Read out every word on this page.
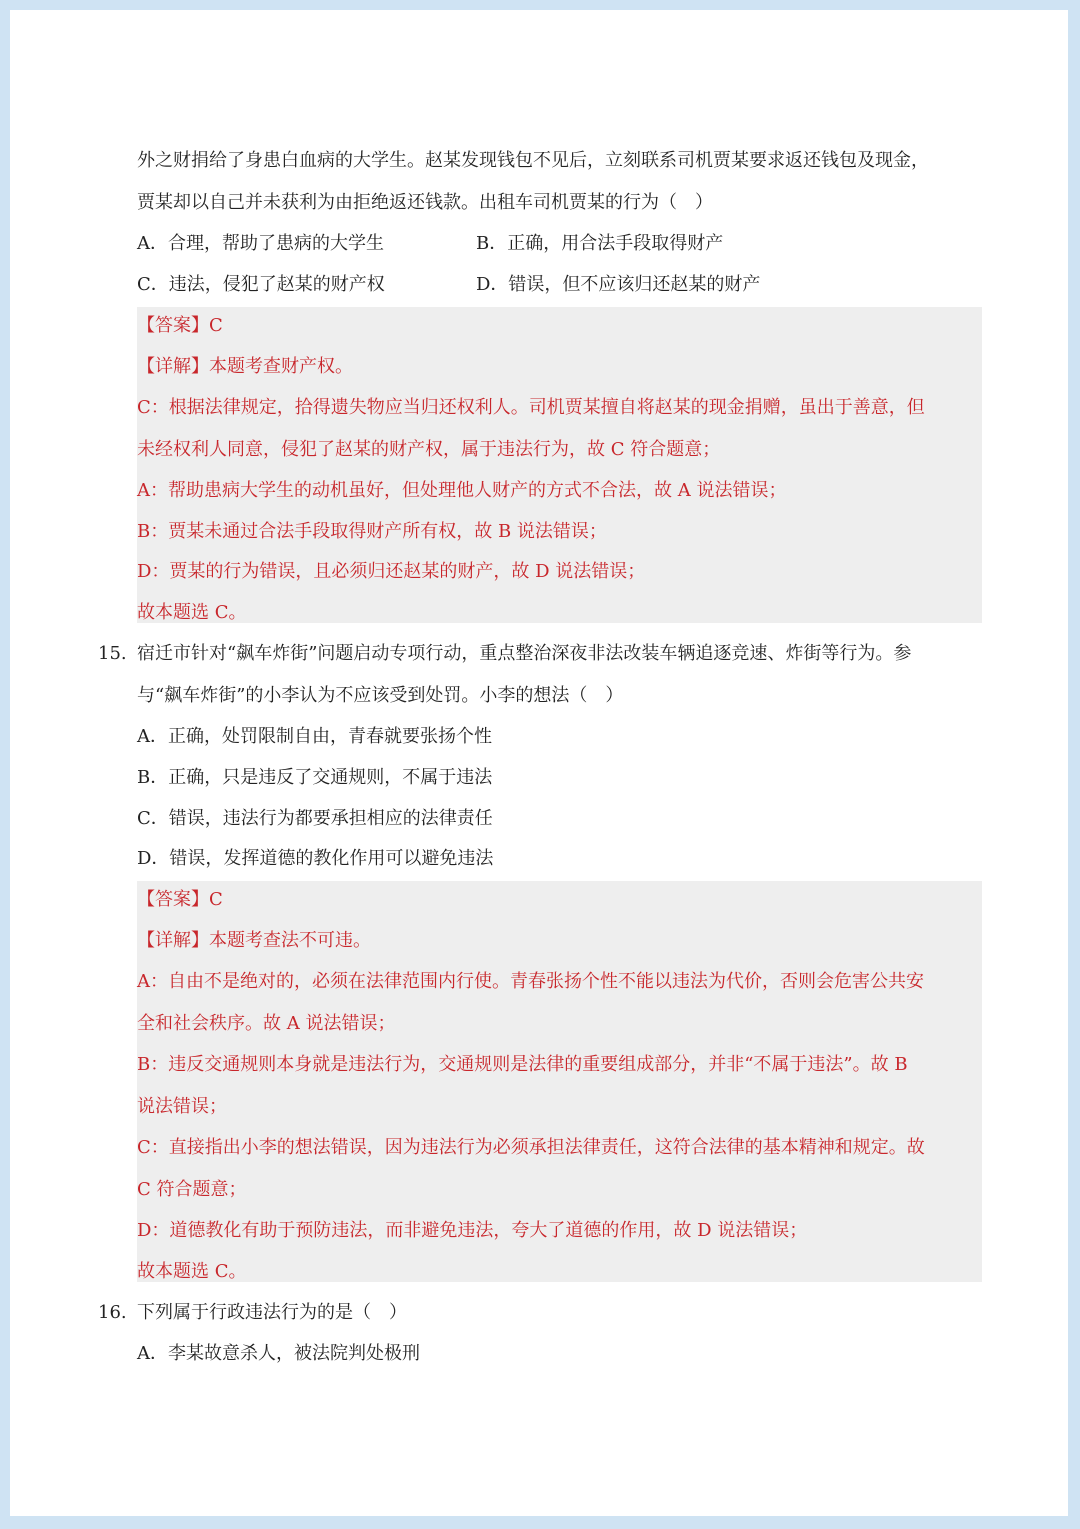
外之财捐给了身患白血病的大学生。赵某发现钱包不见后，立刻联系司机贾某要求返还钱包及现金，

贾某却以自己并未获利为由拒绝返还钱款。出租车司机贾某的行为（　）

A．合理，帮助了患病的大学生	B．正确，用合法手段取得财产

C．违法，侵犯了赵某的财产权	D．错误，但不应该归还赵某的财产

【答案】C

【详解】本题考查财产权。

C：根据法律规定，拾得遗失物应当归还权利人。司机贾某擅自将赵某的现金捐赠，虽出于善意，但

未经权利人同意，侵犯了赵某的财产权，属于违法行为，故 C 符合题意；

A：帮助患病大学生的动机虽好，但处理他人财产的方式不合法，故 A 说法错误；

B：贾某未通过合法手段取得财产所有权，故 B 说法错误；

D：贾某的行为错误，且必须归还赵某的财产，故 D 说法错误；

故本题选 C。

15. 宿迁市针对“飙车炸街”问题启动专项行动，重点整治深夜非法改装车辆追逐竞速、炸街等行为。参

与“飙车炸街”的小李认为不应该受到处罚。小李的想法（　）

A．正确，处罚限制自由，青春就要张扬个性

B．正确，只是违反了交通规则，不属于违法

C．错误，违法行为都要承担相应的法律责任

D．错误，发挥道德的教化作用可以避免违法

【答案】C

【详解】本题考查法不可违。

A：自由不是绝对的，必须在法律范围内行使。青春张扬个性不能以违法为代价，否则会危害公共安

全和社会秩序。故 A 说法错误；

B：违反交通规则本身就是违法行为，交通规则是法律的重要组成部分，并非“不属于违法”。故 B

说法错误；

C：直接指出小李的想法错误，因为违法行为必须承担法律责任，这符合法律的基本精神和规定。故

C 符合题意；

D：道德教化有助于预防违法，而非避免违法，夸大了道德的作用，故 D 说法错误；

故本题选 C。

16. 下列属于行政违法行为的是（　）

A．李某故意杀人，被法院判处极刑
